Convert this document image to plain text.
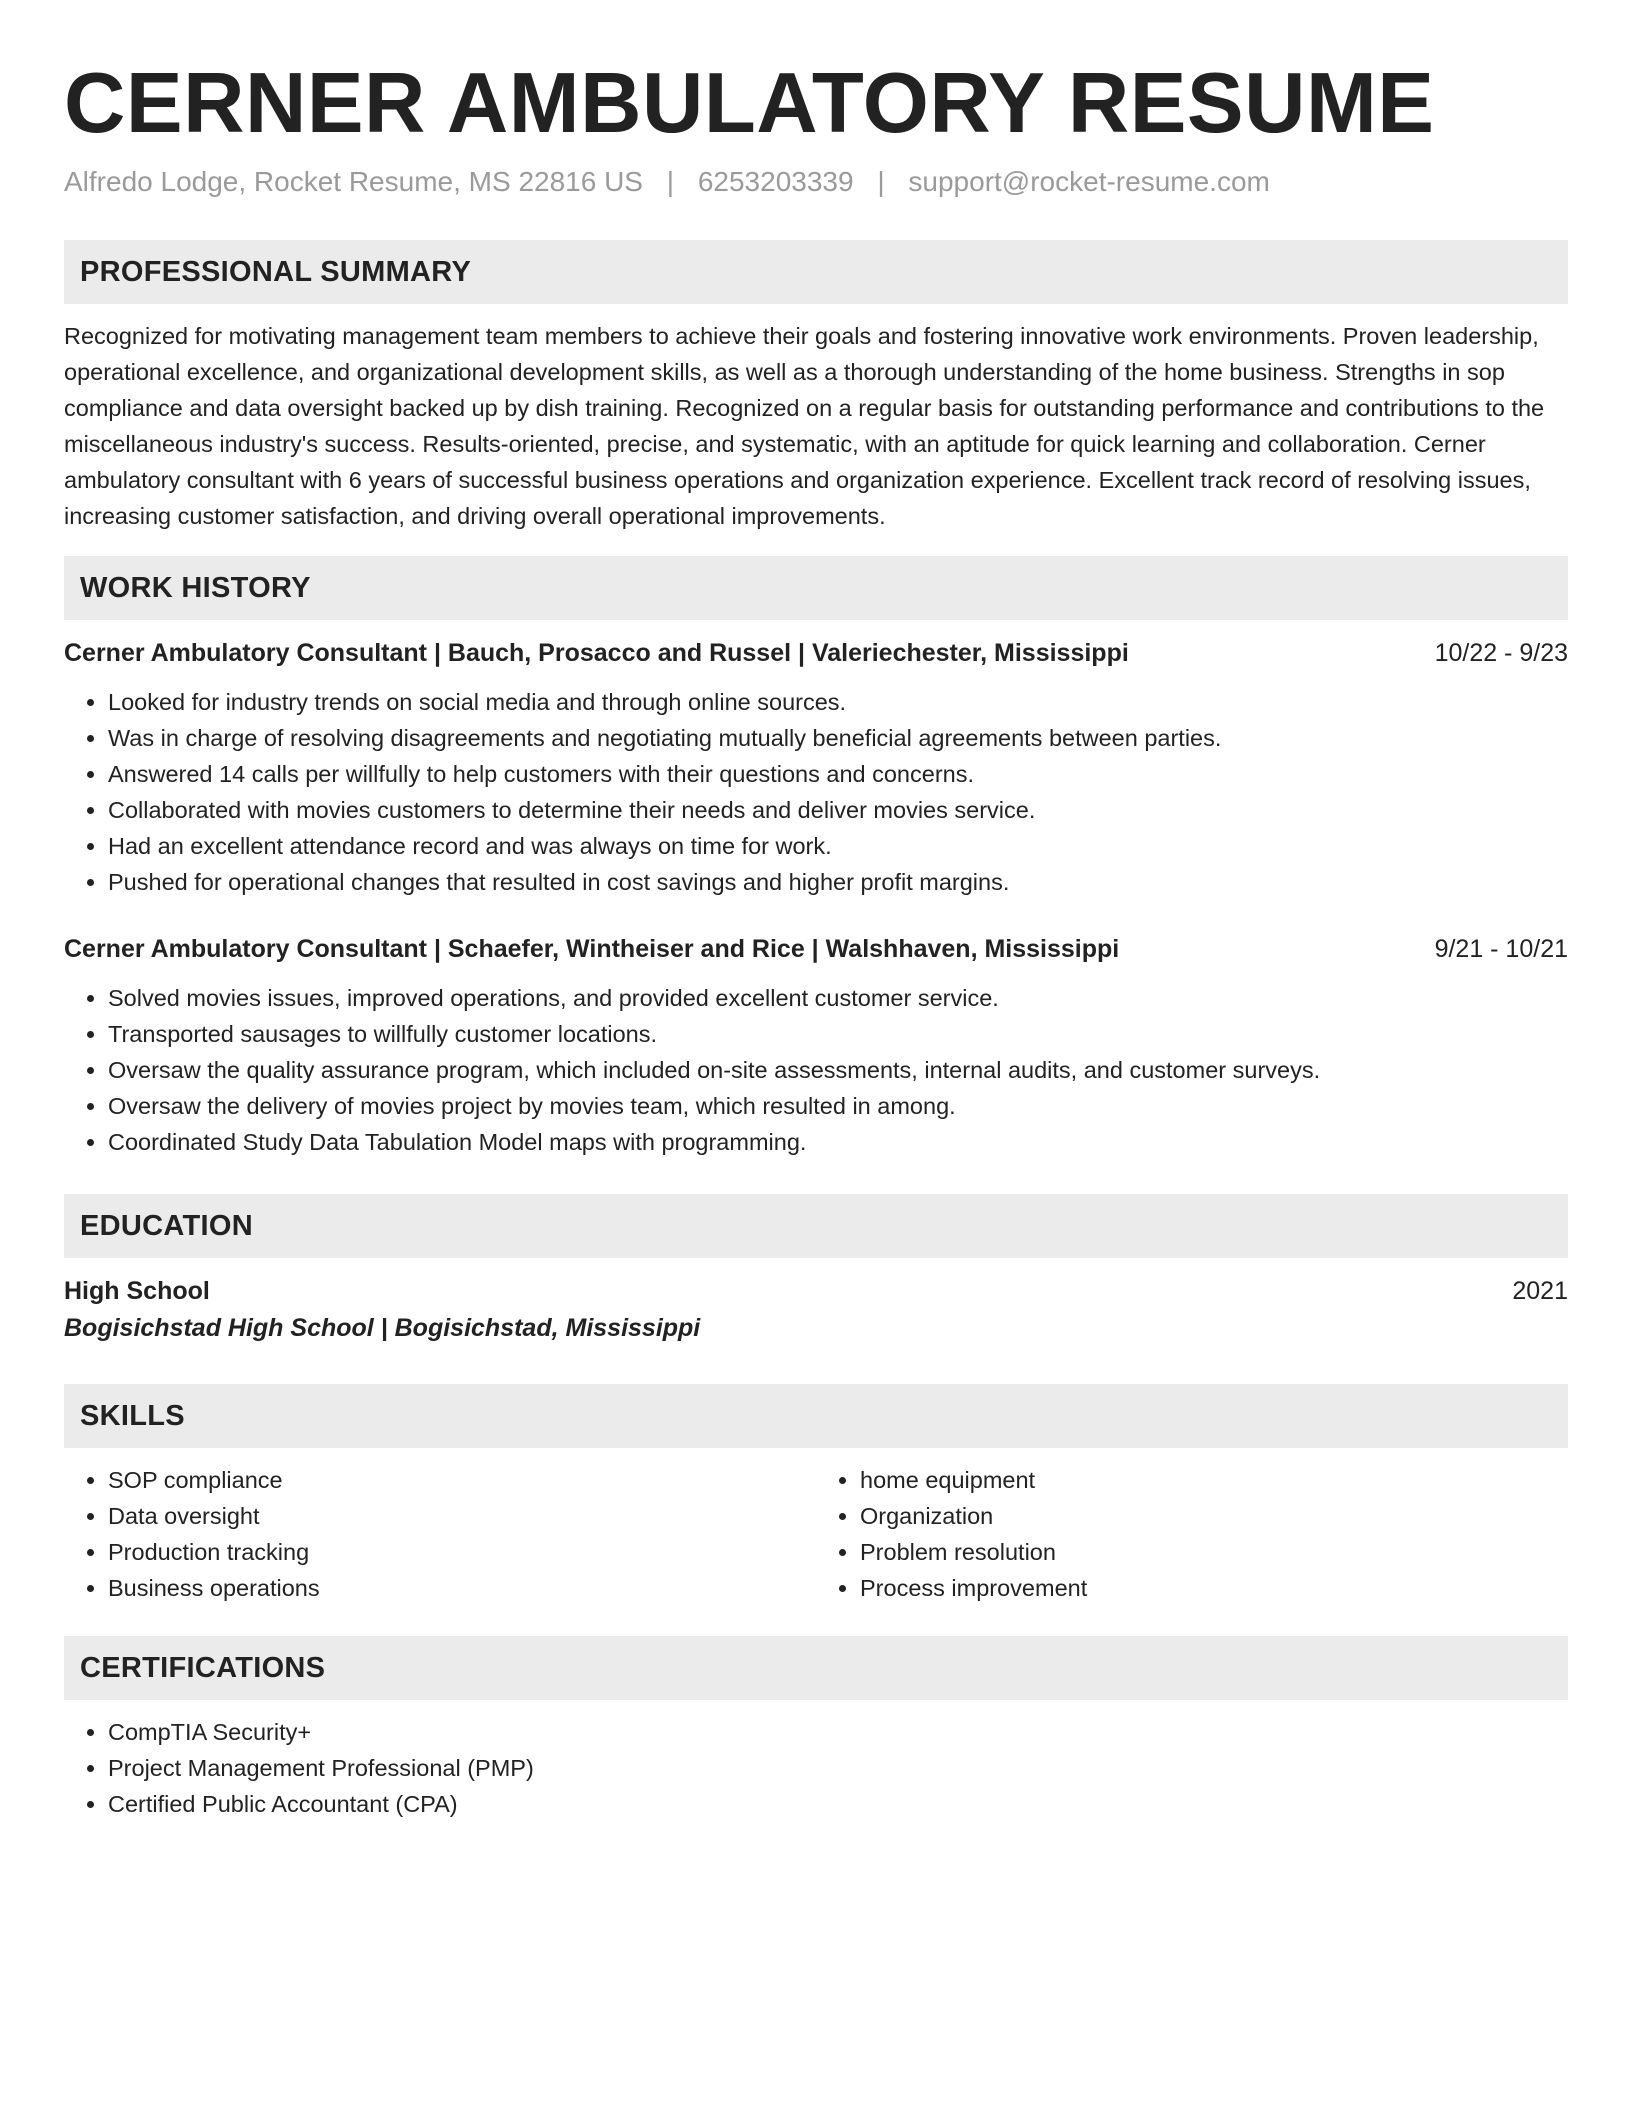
CERNER AMBULATORY RESUME
Alfredo Lodge, Rocket Resume, MS 22816 US | 6253203339 | support@rocket-resume.com
PROFESSIONAL SUMMARY
Recognized for motivating management team members to achieve their goals and fostering innovative work environments. Proven leadership, operational excellence, and organizational development skills, as well as a thorough understanding of the home business. Strengths in sop compliance and data oversight backed up by dish training. Recognized on a regular basis for outstanding performance and contributions to the miscellaneous industry's success. Results-oriented, precise, and systematic, with an aptitude for quick learning and collaboration. Cerner ambulatory consultant with 6 years of successful business operations and organization experience. Excellent track record of resolving issues, increasing customer satisfaction, and driving overall operational improvements.
WORK HISTORY
Cerner Ambulatory Consultant | Bauch, Prosacco and Russel | Valeriechester, Mississippi	10/22 - 9/23
• Looked for industry trends on social media and through online sources.
• Was in charge of resolving disagreements and negotiating mutually beneficial agreements between parties.
• Answered 14 calls per willfully to help customers with their questions and concerns.
• Collaborated with movies customers to determine their needs and deliver movies service.
• Had an excellent attendance record and was always on time for work.
• Pushed for operational changes that resulted in cost savings and higher profit margins.
Cerner Ambulatory Consultant | Schaefer, Wintheiser and Rice | Walshhaven, Mississippi	9/21 - 10/21
• Solved movies issues, improved operations, and provided excellent customer service.
• Transported sausages to willfully customer locations.
• Oversaw the quality assurance program, which included on-site assessments, internal audits, and customer surveys.
• Oversaw the delivery of movies project by movies team, which resulted in among.
• Coordinated Study Data Tabulation Model maps with programming.
EDUCATION
High School	2021
Bogisichstad High School | Bogisichstad, Mississippi
SKILLS
• SOP compliance
• Data oversight
• Production tracking
• Business operations
• home equipment
• Organization
• Problem resolution
• Process improvement
CERTIFICATIONS
• CompTIA Security+
• Project Management Professional (PMP)
• Certified Public Accountant (CPA)
